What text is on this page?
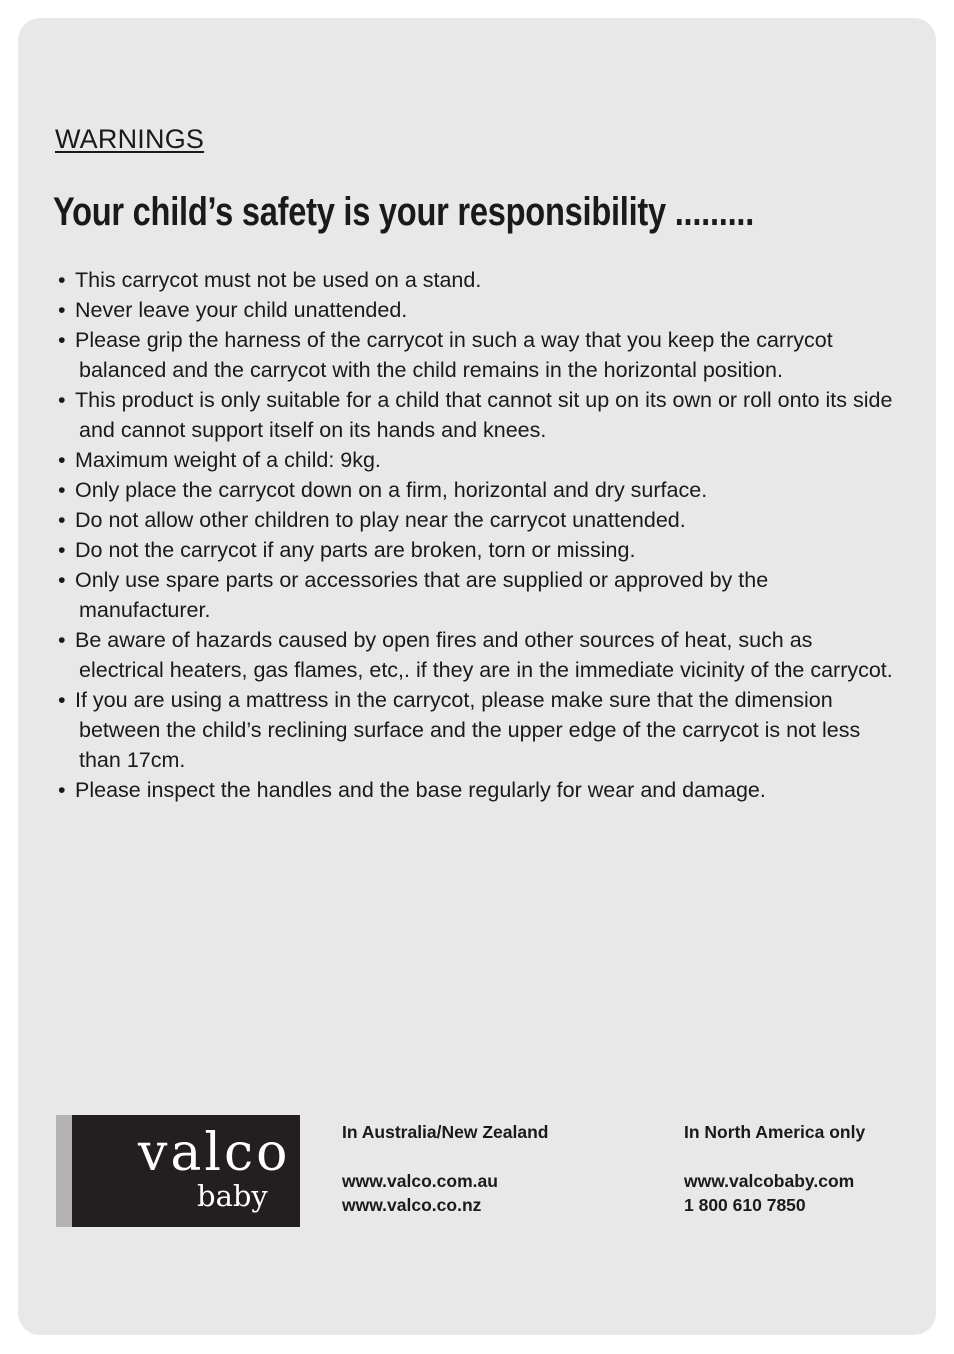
WARNINGS
Your child’s safety is your responsibility .........
• This carrycot must not be used on a stand.
• Never leave your child unattended.
• Please grip the harness of the carrycot in such a way that you keep the carrycot balanced and the carrycot with the child remains in the horizontal position.
• This product is only suitable for a child that cannot sit up on its own or roll onto its side and cannot support itself on its hands and knees.
• Maximum weight of a child: 9kg.
• Only place the carrycot down on a firm, horizontal and dry surface.
• Do not allow other children to play near the carrycot unattended.
• Do not the carrycot if any parts are broken, torn or missing.
• Only use spare parts or accessories that are supplied or approved by the manufacturer.
• Be aware of hazards caused by open fires and other sources of heat, such as electrical heaters, gas flames, etc,. if they are in the immediate vicinity of the carrycot.
• If you are using a mattress in the carrycot, please make sure that the dimension between the child’s reclining surface and the upper edge of the carrycot is not less than 17cm.
• Please inspect the handles and the base regularly for wear and damage.
valco
baby
In Australia/New Zealand
www.valco.com.au
www.valco.co.nz
In North America only
www.valcobaby.com
1 800 610 7850
